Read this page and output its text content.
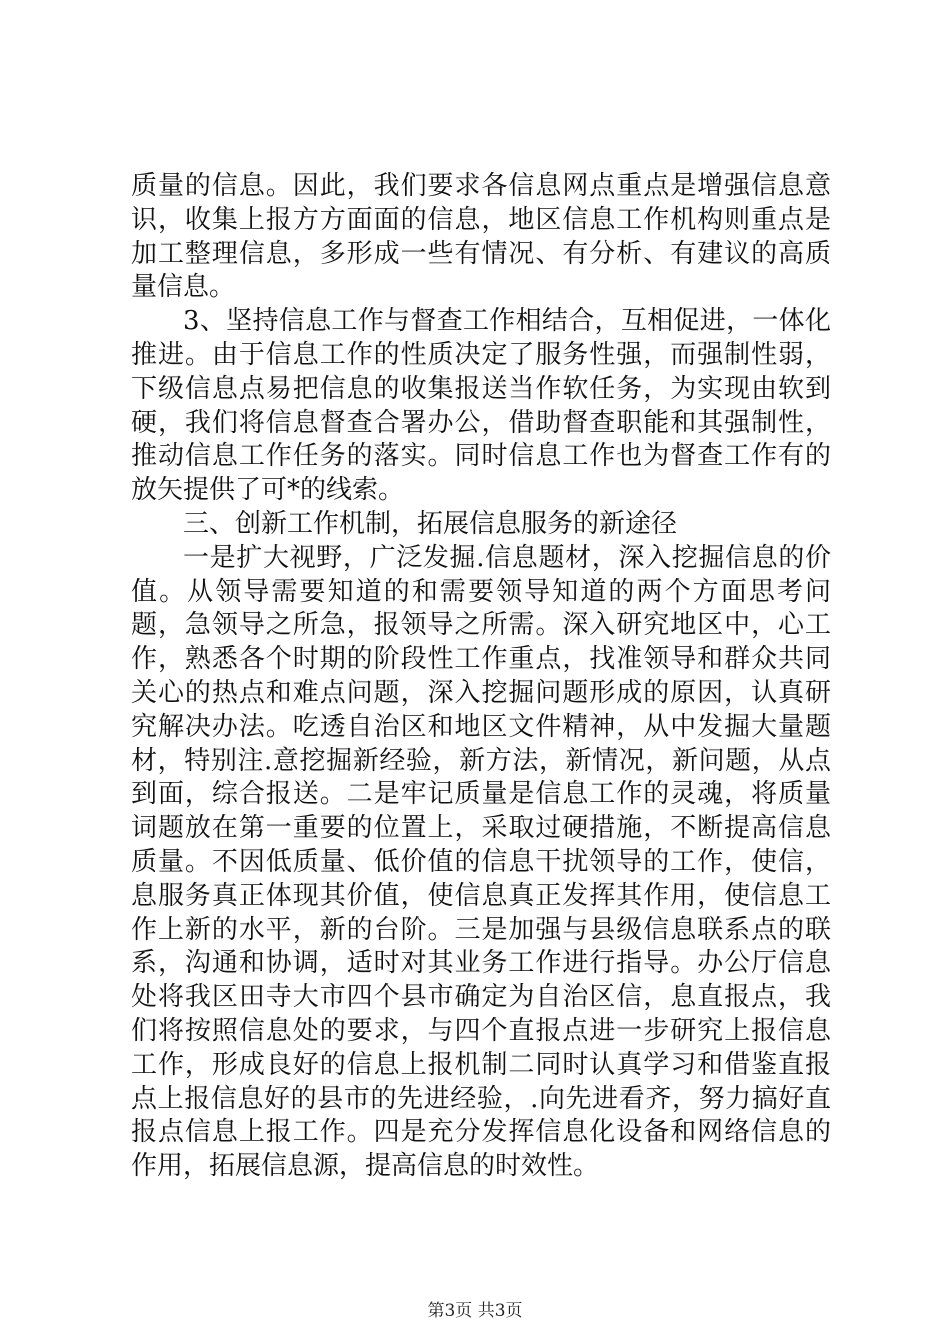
质量的信息。因此，我们要求各信息网点重点是增强信息意识，收集上报方方面面的信息，地区信息工作机构则重点是加工整理信息，多形成一些有情况、有分析、有建议的高质量信息。

3、坚持信息工作与督查工作相结合，互相促进，一体化推进。由于信息工作的性质决定了服务性强，而强制性弱，下级信息点易把信息的收集报送当作软任务，为实现由软到硬，我们将信息督查合署办公，借助督查职能和其强制性，推动信息工作任务的落实。同时信息工作也为督查工作有的放矢提供了可*的线索。

三、创新工作机制，拓展信息服务的新途径

一是扩大视野，广泛发掘.信息题材，深入挖掘信息的价值。从领导需要知道的和需要领导知道的两个方面思考问题，急领导之所急，报领导之所需。深入研究地区中，心工作，熟悉各个时期的阶段性工作重点，找准领导和群众共同关心的热点和难点问题，深入挖掘问题形成的原因，认真研究解决办法。吃透自治区和地区文件精神，从中发掘大量题材，特别注.意挖掘新经验，新方法，新情况，新问题，从点到面，综合报送。二是牢记质量是信息工作的灵魂，将质量词题放在第一重要的位置上，采取过硬措施，不断提高信息质量。不因低质量、低价值的信息干扰领导的工作，使信，息服务真正体现其价值，使信息真正发挥其作用，使信息工作上新的水平，新的台阶。三是加强与县级信息联系点的联系，沟通和协调，适时对其业务工作进行指导。办公厅信息处将我区田寺大市四个县市确定为自治区信，息直报点，我们将按照信息处的要求，与四个直报点进一步研究上报信息工作，形成良好的信息上报机制二同时认真学习和借鉴直报点上报信息好的县市的先进经验，.向先进看齐，努力搞好直报点信息上报工作。四是充分发挥信息化设备和网络信息的作用，拓展信息源，提高信息的时效性。

第3页 共3页
